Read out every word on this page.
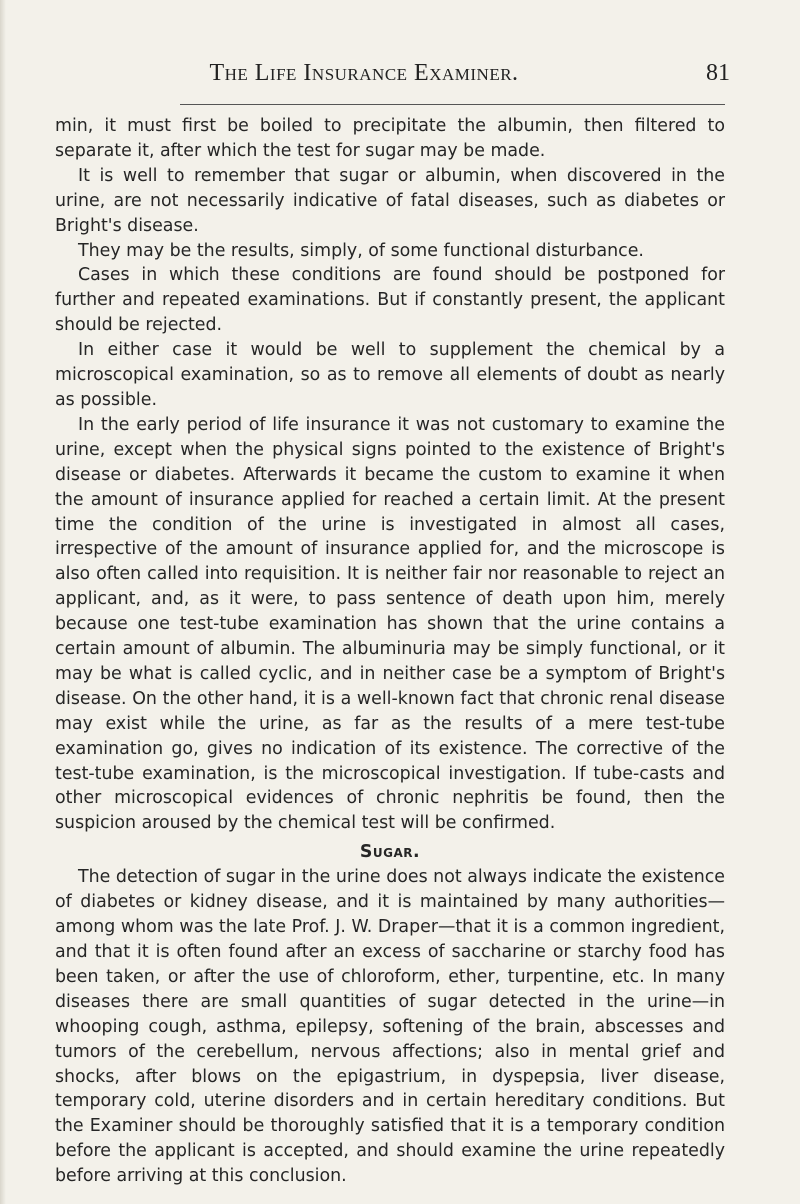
The Life Insurance Examiner.	81

min, it must first be boiled to precipitate the albumin, then filtered to separate it, after which the test for sugar may be made.

It is well to remember that sugar or albumin, when discovered in the urine, are not necessarily indicative of fatal diseases, such as diabetes or Bright's disease.

They may be the results, simply, of some functional disturbance.

Cases in which these conditions are found should be postponed for further and repeated examinations. But if constantly present, the applicant should be rejected.

In either case it would be well to supplement the chemical by a microscopical examination, so as to remove all elements of doubt as nearly as possible.

In the early period of life insurance it was not customary to examine the urine, except when the physical signs pointed to the existence of Bright's disease or diabetes. Afterwards it became the custom to examine it when the amount of insurance applied for reached a certain limit. At the present time the condition of the urine is investigated in almost all cases, irrespective of the amount of insurance applied for, and the microscope is also often called into requisition. It is neither fair nor reasonable to reject an applicant, and, as it were, to pass sentence of death upon him, merely because one test-tube examination has shown that the urine contains a certain amount of albumin. The albuminuria may be simply functional, or it may be what is called cyclic, and in neither case be a symptom of Bright's disease. On the other hand, it is a well-known fact that chronic renal disease may exist while the urine, as far as the results of a mere test-tube examination go, gives no indication of its existence. The corrective of the test-tube examination, is the microscopical investigation. If tube-casts and other microscopical evidences of chronic nephritis be found, then the suspicion aroused by the chemical test will be confirmed.

Sugar.

The detection of sugar in the urine does not always indicate the existence of diabetes or kidney disease, and it is maintained by many authorities—among whom was the late Prof. J. W. Draper—that it is a common ingredient, and that it is often found after an excess of saccharine or starchy food has been taken, or after the use of chloroform, ether, turpentine, etc. In many diseases there are small quantities of sugar detected in the urine—in whooping cough, asthma, epilepsy, softening of the brain, abscesses and tumors of the cerebellum, nervous affections; also in mental grief and shocks, after blows on the epigastrium, in dyspepsia, liver disease, temporary cold, uterine disorders and in certain hereditary conditions. But the Examiner should be thoroughly satisfied that it is a temporary condition before the applicant is accepted, and should examine the urine repeatedly before arriving at this conclusion.
